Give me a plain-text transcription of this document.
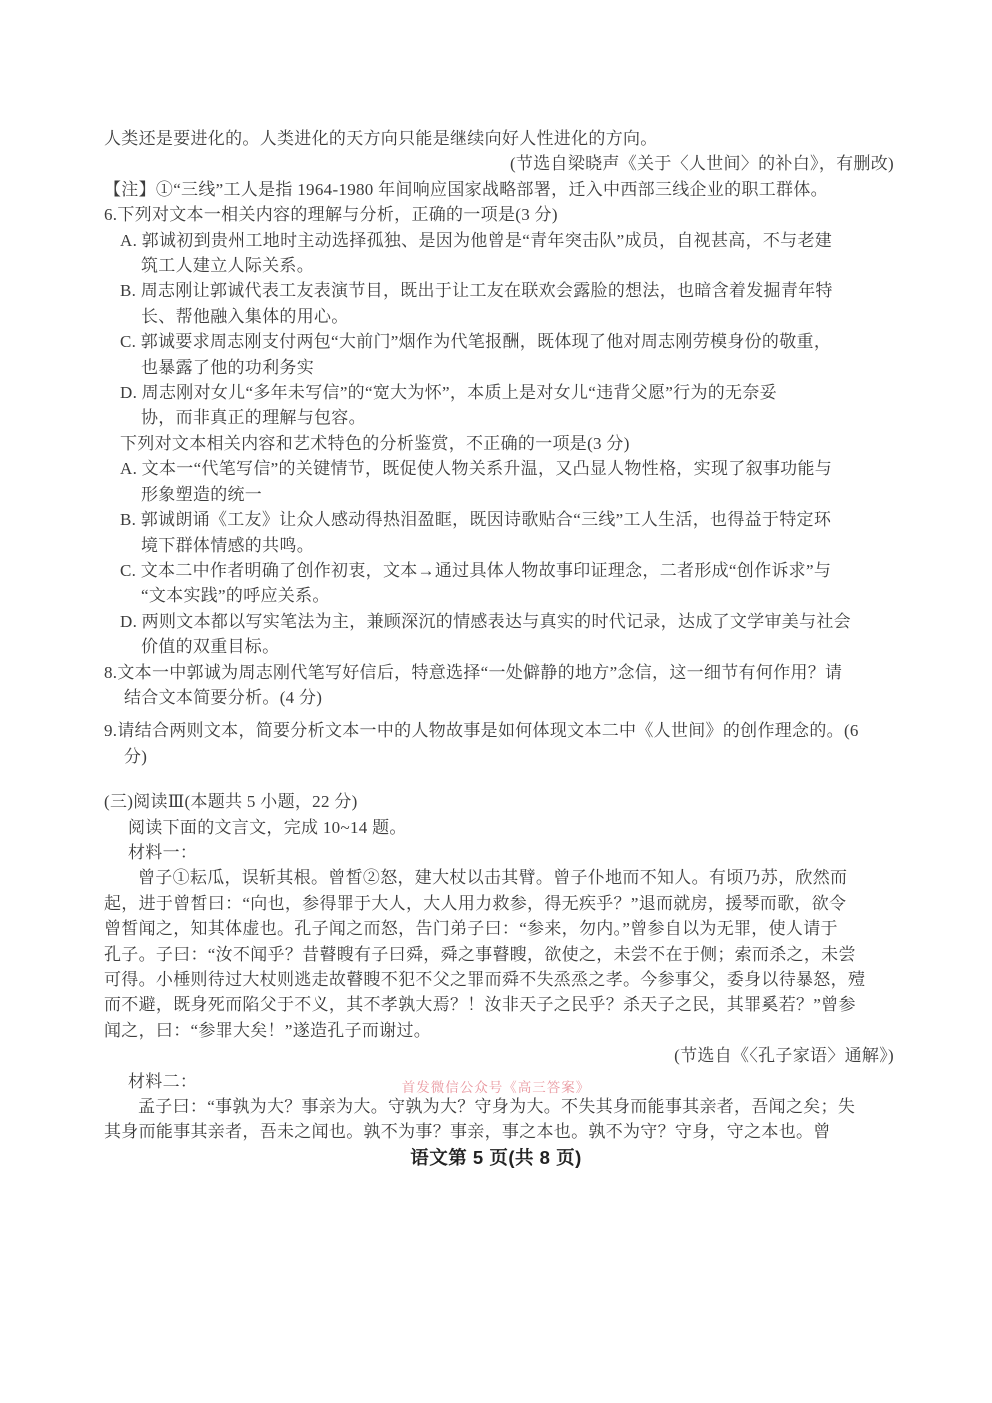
人类还是要进化的。人类进化的天方向只能是继续向好人性进化的方向。
(节选自梁晓声《关于〈人世间〉的补白》，有删改)
【注】①“三线”工人是指 1964-1980 年间响应国家战略部署，迁入中西部三线企业的职工群体。
6.下列对文本一相关内容的理解与分析，正确的一项是(3 分)
A. 郭诚初到贵州工地时主动选择孤独、是因为他曾是“青年突击队”成员，自视甚高，不与老建
筑工人建立人际关系。
B. 周志刚让郭诚代表工友表演节目，既出于让工友在联欢会露脸的想法，也暗含着发掘青年特
长、帮他融入集体的用心。
C. 郭诚要求周志刚支付两包“大前门”烟作为代笔报酬，既体现了他对周志刚劳模身份的敬重，
也暴露了他的功利务实
D. 周志刚对女儿“多年未写信”的“宽大为怀”，本质上是对女儿“违背父愿”行为的无奈妥
协，而非真正的理解与包容。
下列对文本相关内容和艺术特色的分析鉴赏，不正确的一项是(3 分)
A. 文本一“代笔写信”的关键情节，既促使人物关系升温，又凸显人物性格，实现了叙事功能与
形象塑造的统一
B. 郭诚朗诵《工友》让众人感动得热泪盈眶，既因诗歌贴合“三线”工人生活，也得益于特定环
境下群体情感的共鸣。
C. 文本二中作者明确了创作初衷，文本→通过具体人物故事印证理念，二者形成“创作诉求”与
“文本实践”的呼应关系。
D. 两则文本都以写实笔法为主，兼顾深沉的情感表达与真实的时代记录，达成了文学审美与社会
价值的双重目标。
8.文本一中郭诚为周志刚代笔写好信后，特意选择“一处僻静的地方”念信，这一细节有何作用？请
结合文本简要分析。(4 分)
9.请结合两则文本，简要分析文本一中的人物故事是如何体现文本二中《人世间》的创作理念的。(6
分)
(三)阅读Ⅲ(本题共 5 小题，22 分)
阅读下面的文言文，完成 10~14 题。
材料一：
曾子①耘瓜，误斩其根。曾皙②怒，建大杖以击其臂。曾子仆地而不知人。有顷乃苏，欣然而
起，进于曾皙曰：“向也，参得罪于大人，大人用力救参，得无疾乎？”退而就房，援琴而歌，欲令
曾皙闻之，知其体虚也。孔子闻之而怒，告门弟子曰：“参来，勿内。”曾参自以为无罪，使人请于
孔子。子曰：“汝不闻乎？昔瞽瞍有子曰舜，舜之事瞽瞍，欲使之，未尝不在于侧；索而杀之，未尝
可得。小棰则待过大杖则逃走故瞽瞍不犯不父之罪而舜不失烝烝之孝。今参事父，委身以待暴怒，殪
而不避，既身死而陷父于不义，其不孝孰大焉？！汝非天子之民乎？杀天子之民，其罪奚若？”曾参
闻之，曰：“参罪大矣！”遂造孔子而谢过。
(节选自《〈孔子家语〉通解》)
材料二：
孟子曰：“事孰为大？事亲为大。守孰为大？守身为大。不失其身而能事其亲者，吾闻之矣；失
其身而能事其亲者，吾未之闻也。孰不为事？事亲，事之本也。孰不为守？守身，守之本也。曾
首发微信公众号《高三答案》
语文第 5 页(共 8 页)
